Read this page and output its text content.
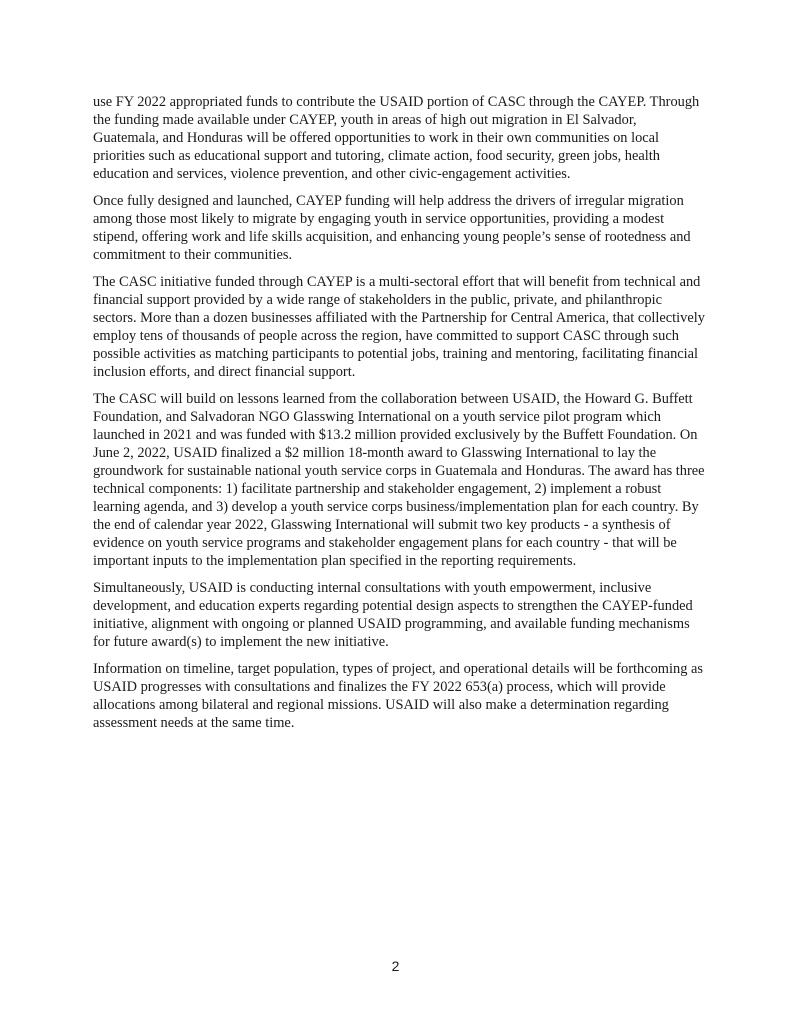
use FY 2022 appropriated funds to contribute the USAID portion of CASC through the CAYEP. Through the funding made available under CAYEP, youth in areas of high out migration in El Salvador, Guatemala, and Honduras will be offered opportunities to work in their own communities on local priorities such as educational support and tutoring, climate action, food security, green jobs, health education and services, violence prevention, and other civic-engagement activities.

Once fully designed and launched, CAYEP funding will help address the drivers of irregular migration among those most likely to migrate by engaging youth in service opportunities, providing a modest stipend, offering work and life skills acquisition, and enhancing young people’s sense of rootedness and commitment to their communities.

The CASC initiative funded through CAYEP is a multi-sectoral effort that will benefit from technical and financial support provided by a wide range of stakeholders in the public, private, and philanthropic sectors. More than a dozen businesses affiliated with the Partnership for Central America, that collectively employ tens of thousands of people across the region, have committed to support CASC through such possible activities as matching participants to potential jobs, training and mentoring, facilitating financial inclusion efforts, and direct financial support.

The CASC will build on lessons learned from the collaboration between USAID, the Howard G. Buffett Foundation, and Salvadoran NGO Glasswing International on a youth service pilot program which launched in 2021 and was funded with $13.2 million provided exclusively by the Buffett Foundation. On June 2, 2022, USAID finalized a $2 million 18-month award to Glasswing International to lay the groundwork for sustainable national youth service corps in Guatemala and Honduras. The award has three technical components: 1) facilitate partnership and stakeholder engagement, 2) implement a robust learning agenda, and 3) develop a youth service corps business/implementation plan for each country. By the end of calendar year 2022, Glasswing International will submit two key products - a synthesis of evidence on youth service programs and stakeholder engagement plans for each country - that will be important inputs to the implementation plan specified in the reporting requirements.

Simultaneously, USAID is conducting internal consultations with youth empowerment, inclusive development, and education experts regarding potential design aspects to strengthen the CAYEP-funded initiative, alignment with ongoing or planned USAID programming, and available funding mechanisms for future award(s) to implement the new initiative.

Information on timeline, target population, types of project, and operational details will be forthcoming as USAID progresses with consultations and finalizes the FY 2022 653(a) process, which will provide allocations among bilateral and regional missions. USAID will also make a determination regarding assessment needs at the same time.

2
